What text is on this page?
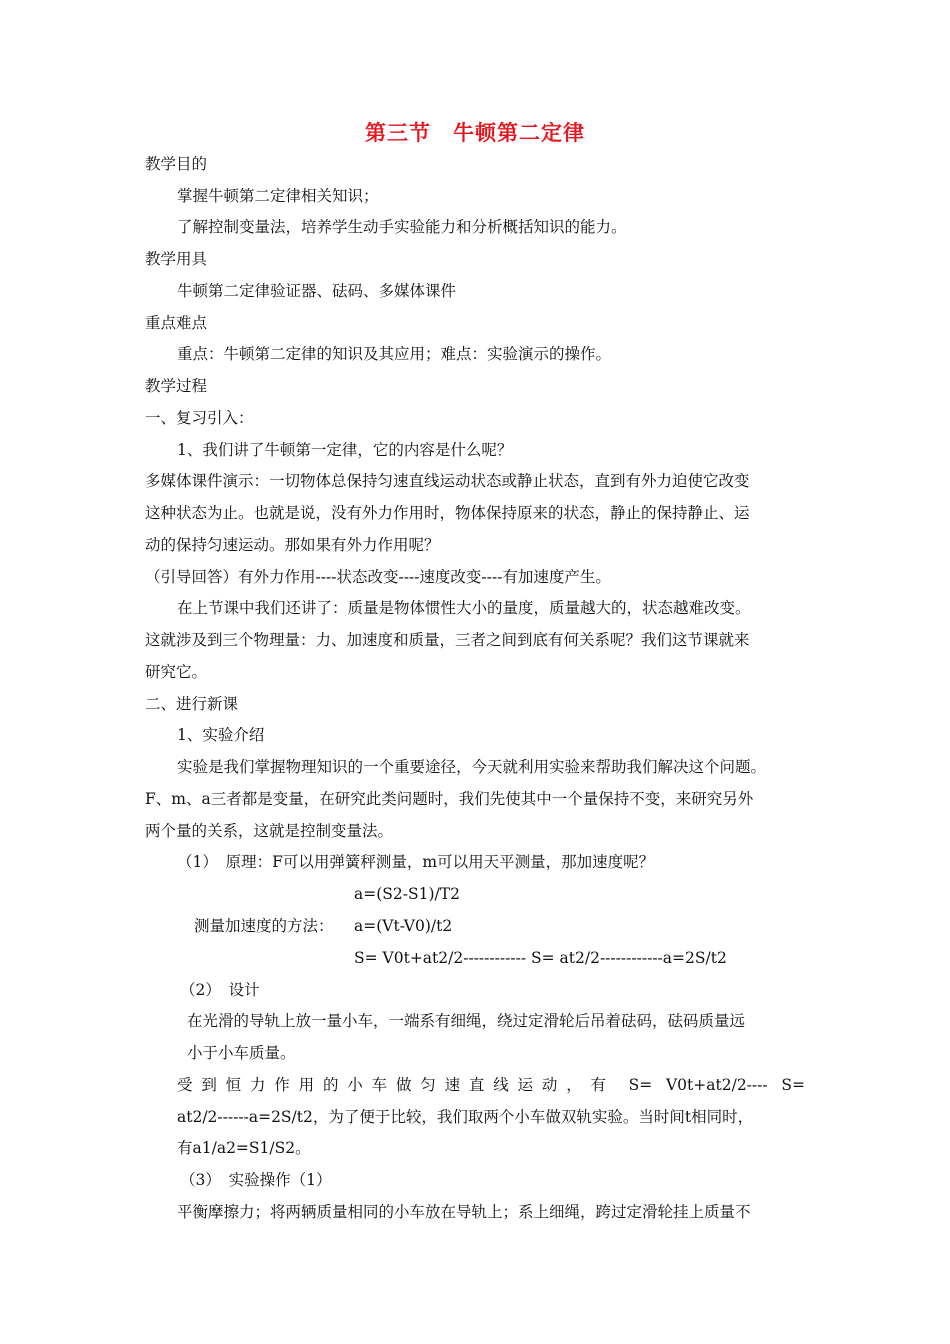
第三节　牛顿第二定律
教学目的
掌握牛顿第二定律相关知识；
了解控制变量法，培养学生动手实验能力和分析概括知识的能力。
教学用具
牛顿第二定律验证器、砝码、多媒体课件
重点难点
重点：牛顿第二定律的知识及其应用；难点：实验演示的操作。
教学过程
一、复习引入：
1、我们讲了牛顿第一定律，它的内容是什么呢？
多媒体课件演示：一切物体总保持匀速直线运动状态或静止状态，直到有外力迫使它改变
这种状态为止。也就是说，没有外力作用时，物体保持原来的状态，静止的保持静止、运
动的保持匀速运动。那如果有外力作用呢？
（引导回答）有外力作用----状态改变----速度改变----有加速度产生。
在上节课中我们还讲了：质量是物体惯性大小的量度，质量越大的，状态越难改变。
这就涉及到三个物理量：力、加速度和质量，三者之间到底有何关系呢？我们这节课就来
研究它。
二、进行新课
1、实验介绍
实验是我们掌握物理知识的一个重要途径，今天就利用实验来帮助我们解决这个问题。
F、m、a三者都是变量，在研究此类问题时，我们先使其中一个量保持不变，来研究另外
两个量的关系，这就是控制变量法。
（1）　原理：F可以用弹簧秤测量，m可以用天平测量，那加速度呢？
a=(S2-S1)/T2
测量加速度的方法： a=(Vt-V0)/t2
S= V0t+at2/2------------ S= at2/2------------a=2S/t2
（2）　设计
在光滑的导轨上放一量小车，一端系有细绳，绕过定滑轮后吊着砝码，砝码质量远
小于小车质量。
受到恒力作用的小车做匀速直线运动，有 S= V0t+at2/2---- S=
at2/2------a=2S/t2，为了便于比较，我们取两个小车做双轨实验。当时间t相同时，
有a1/a2=S1/S2。
（3）　实验操作（1）
平衡摩擦力；将两辆质量相同的小车放在导轨上；系上细绳，跨过定滑轮挂上质量不
